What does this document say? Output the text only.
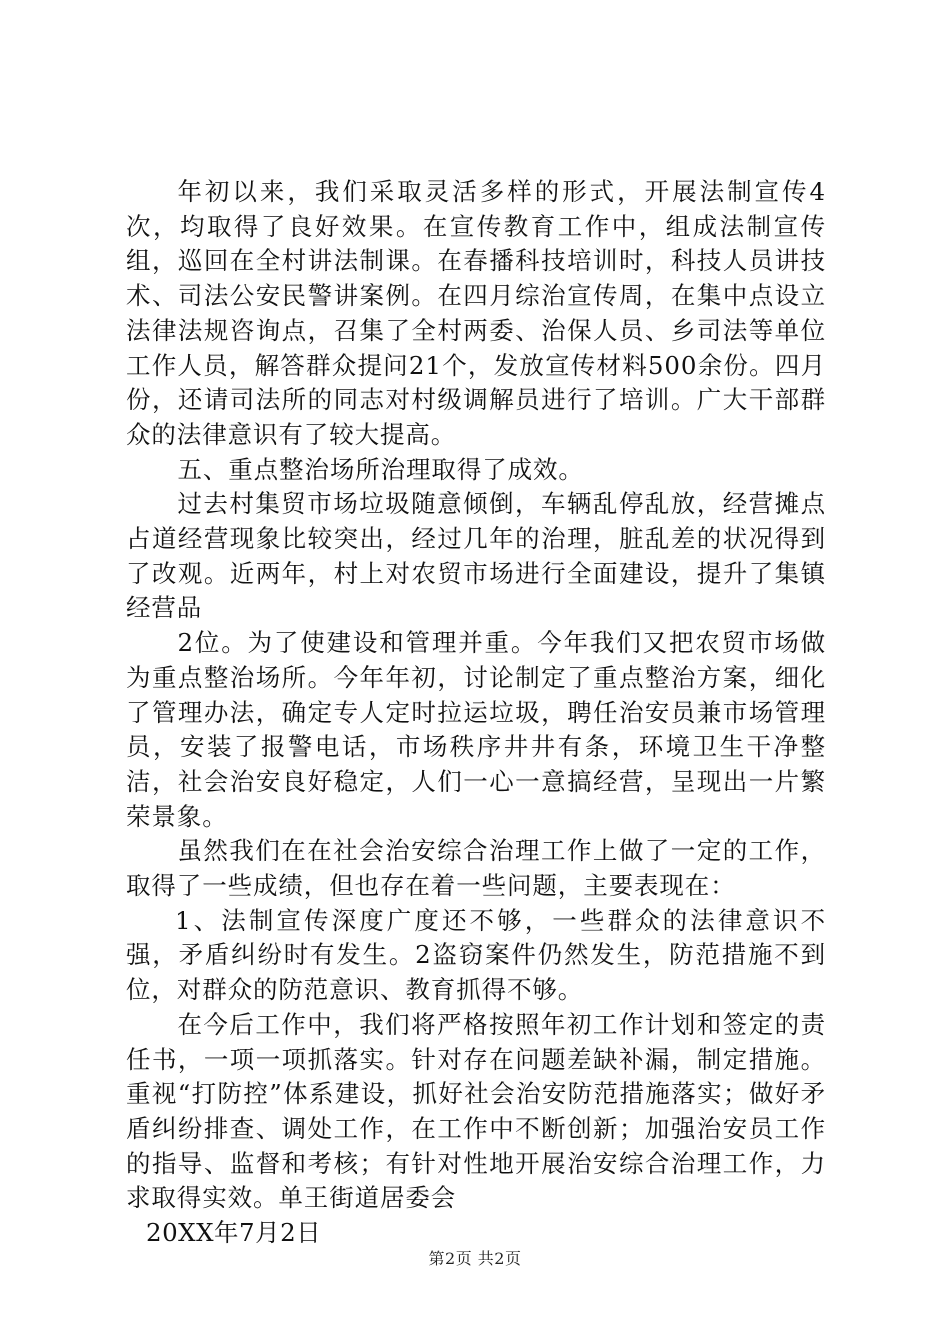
年初以来，我们采取灵活多样的形式，开展法制宣传4次，均取得了良好效果。在宣传教育工作中，组成法制宣传组，巡回在全村讲法制课。在春播科技培训时，科技人员讲技术、司法公安民警讲案例。在四月综治宣传周，在集中点设立法律法规咨询点，召集了全村两委、治保人员、乡司法等单位工作人员，解答群众提问21个，发放宣传材料500余份。四月份，还请司法所的同志对村级调解员进行了培训。广大干部群众的法律意识有了较大提高。

五、重点整治场所治理取得了成效。

过去村集贸市场垃圾随意倾倒，车辆乱停乱放，经营摊点占道经营现象比较突出，经过几年的治理，脏乱差的状况得到了改观。近两年，村上对农贸市场进行全面建设，提升了集镇经营品

2位。为了使建设和管理并重。今年我们又把农贸市场做为重点整治场所。今年年初，讨论制定了重点整治方案，细化了管理办法，确定专人定时拉运垃圾，聘任治安员兼市场管理员，安装了报警电话，市场秩序井井有条，环境卫生干净整洁，社会治安良好稳定，人们一心一意搞经营，呈现出一片繁荣景象。

虽然我们在在社会治安综合治理工作上做了一定的工作，取得了一些成绩，但也存在着一些问题，主要表现在：

1、法制宣传深度广度还不够，一些群众的法律意识不强，矛盾纠纷时有发生。2盗窃案件仍然发生，防范措施不到位，对群众的防范意识、教育抓得不够。

在今后工作中，我们将严格按照年初工作计划和签定的责任书，一项一项抓落实。针对存在问题差缺补漏，制定措施。重视“打防控”体系建设，抓好社会治安防范措施落实；做好矛盾纠纷排查、调处工作，在工作中不断创新；加强治安员工作的指导、监督和考核；有针对性地开展治安综合治理工作，力求取得实效。单王街道居委会

20XX年7月2日

第2页 共2页
